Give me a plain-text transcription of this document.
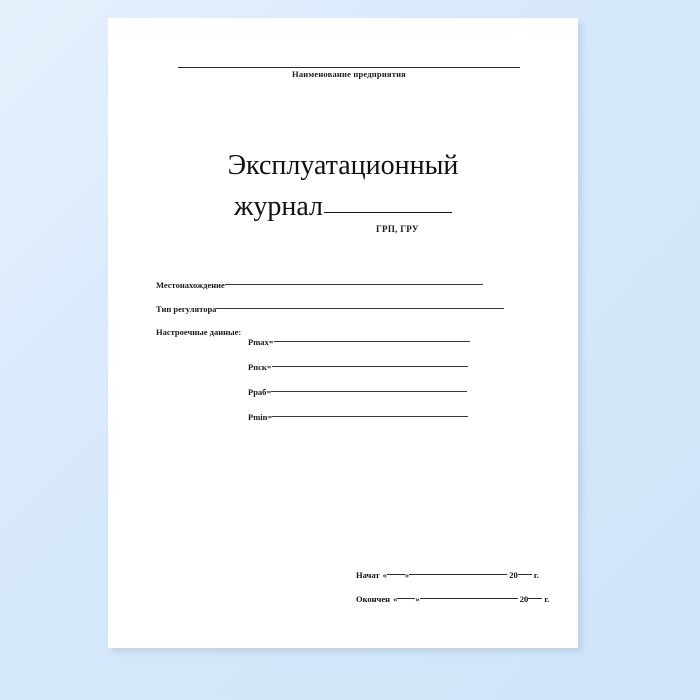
Наименование предприятия
Эксплуатационный
журнал
ГРП, ГРУ
Местонахождение
Тип регулятора
Настроечные данные:
Рmax=
Рпск=
Рраб=
Рmin=
Начат « »	20 г.
Окончен « »	20 г.
